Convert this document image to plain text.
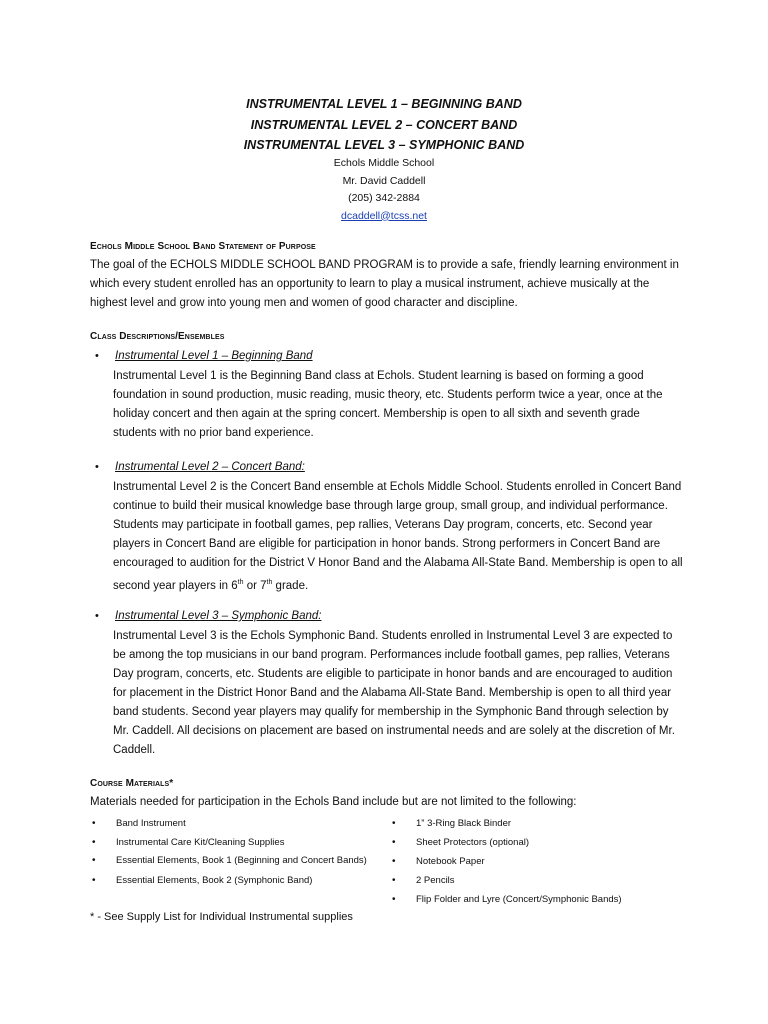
INSTRUMENTAL LEVEL 1 – BEGINNING BAND
INSTRUMENTAL LEVEL 2 – CONCERT BAND
INSTRUMENTAL LEVEL 3 – SYMPHONIC BAND
Echols Middle School
Mr. David Caddell
(205) 342-2884
dcaddell@tcss.net
Echols Middle School Band Statement of Purpose
The goal of the ECHOLS MIDDLE SCHOOL BAND PROGRAM is to provide a safe, friendly learning environment in which every student enrolled has an opportunity to learn to play a musical instrument, achieve musically at the highest level and grow into young men and women of good character and discipline.
Class Descriptions/Ensembles
• Instrumental Level 1 – Beginning Band
Instrumental Level 1 is the Beginning Band class at Echols. Student learning is based on forming a good foundation in sound production, music reading, music theory, etc. Students perform twice a year, once at the holiday concert and then again at the spring concert. Membership is open to all sixth and seventh grade students with no prior band experience.
• Instrumental Level 2 – Concert Band:
Instrumental Level 2 is the Concert Band ensemble at Echols Middle School. Students enrolled in Concert Band continue to build their musical knowledge base through large group, small group, and individual performance. Students may participate in football games, pep rallies, Veterans Day program, concerts, etc. Second year players in Concert Band are eligible for participation in honor bands. Strong performers in Concert Band are encouraged to audition for the District V Honor Band and the Alabama All-State Band. Membership is open to all second year players in 6th or 7th grade.
• Instrumental Level 3 – Symphonic Band:
Instrumental Level 3 is the Echols Symphonic Band. Students enrolled in Instrumental Level 3 are expected to be among the top musicians in our band program. Performances include football games, pep rallies, Veterans Day program, concerts, etc. Students are eligible to participate in honor bands and are encouraged to audition for placement in the District Honor Band and the Alabama All-State Band. Membership is open to all third year band students. Second year players may qualify for membership in the Symphonic Band through selection by Mr. Caddell. All decisions on placement are based on instrumental needs and are solely at the discretion of Mr. Caddell.
Course Materials*
Materials needed for participation in the Echols Band include but are not limited to the following:
• Band Instrument
• Instrumental Care Kit/Cleaning Supplies
• Essential Elements, Book 1 (Beginning and Concert Bands)
• Essential Elements, Book 2 (Symphonic Band)
• 1” 3-Ring Black Binder
• Sheet Protectors (optional)
• Notebook Paper
• 2 Pencils
• Flip Folder and Lyre (Concert/Symphonic Bands)
* - See Supply List for Individual Instrumental supplies
